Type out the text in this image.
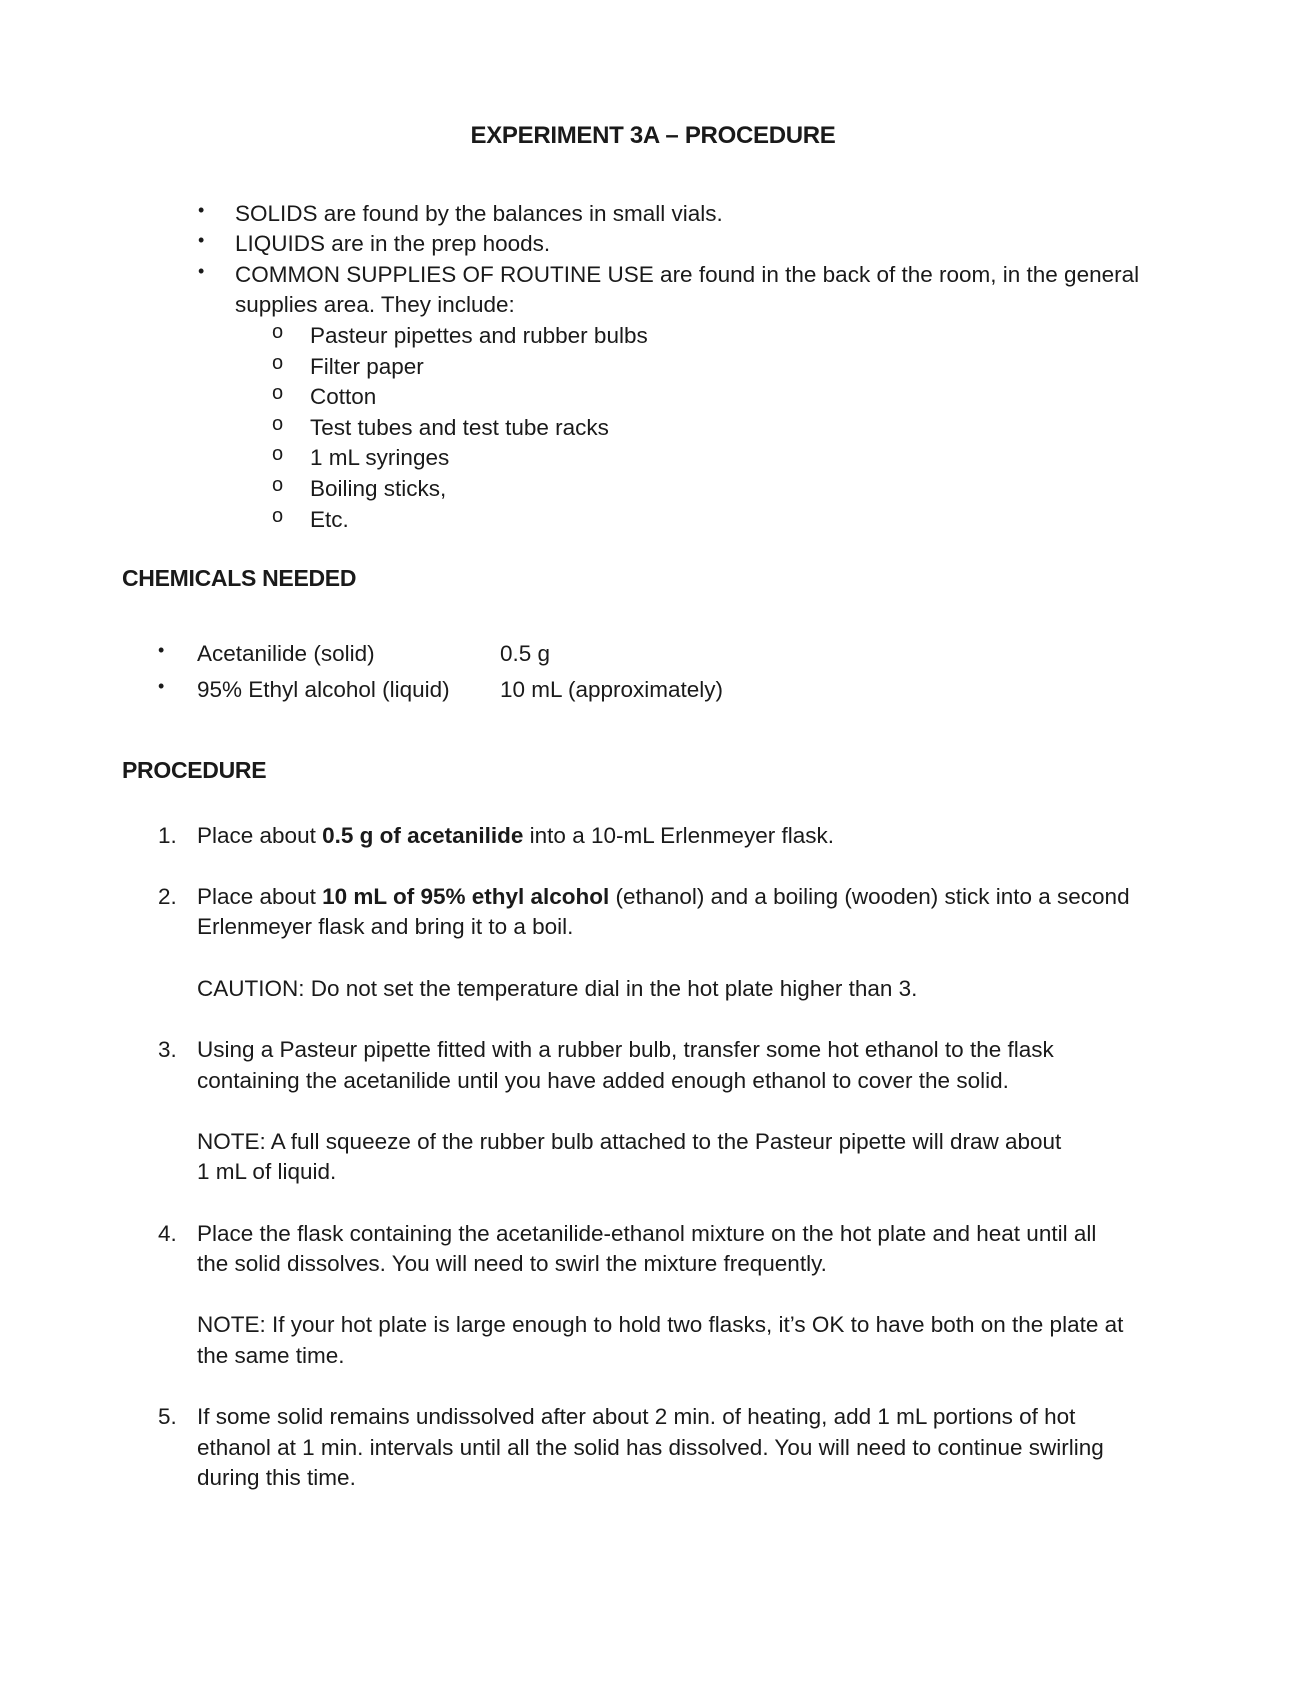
EXPERIMENT 3A – PROCEDURE
• SOLIDS are found by the balances in small vials.
• LIQUIDS are in the prep hoods.
• COMMON SUPPLIES OF ROUTINE USE are found in the back of the room, in the general
supplies area. They include:
o Pasteur pipettes and rubber bulbs
o Filter paper
o Cotton
o Test tubes and test tube racks
o 1 mL syringes
o Boiling sticks,
o Etc.
CHEMICALS NEEDED
• Acetanilide (solid)	0.5 g
• 95% Ethyl alcohol (liquid) 10 mL (approximately)
PROCEDURE
1. Place about 0.5 g of acetanilide into a 10-mL Erlenmeyer flask.
2. Place about 10 mL of 95% ethyl alcohol (ethanol) and a boiling (wooden) stick into a second
Erlenmeyer flask and bring it to a boil.
CAUTION: Do not set the temperature dial in the hot plate higher than 3.
3. Using a Pasteur pipette fitted with a rubber bulb, transfer some hot ethanol to the flask
containing the acetanilide until you have added enough ethanol to cover the solid.
NOTE: A full squeeze of the rubber bulb attached to the Pasteur pipette will draw about
1 mL of liquid.
4. Place the flask containing the acetanilide-ethanol mixture on the hot plate and heat until all
the solid dissolves. You will need to swirl the mixture frequently.
NOTE: If your hot plate is large enough to hold two flasks, it’s OK to have both on the plate at
the same time.
5. If some solid remains undissolved after about 2 min. of heating, add 1 mL portions of hot
ethanol at 1 min. intervals until all the solid has dissolved. You will need to continue swirling
during this time.
